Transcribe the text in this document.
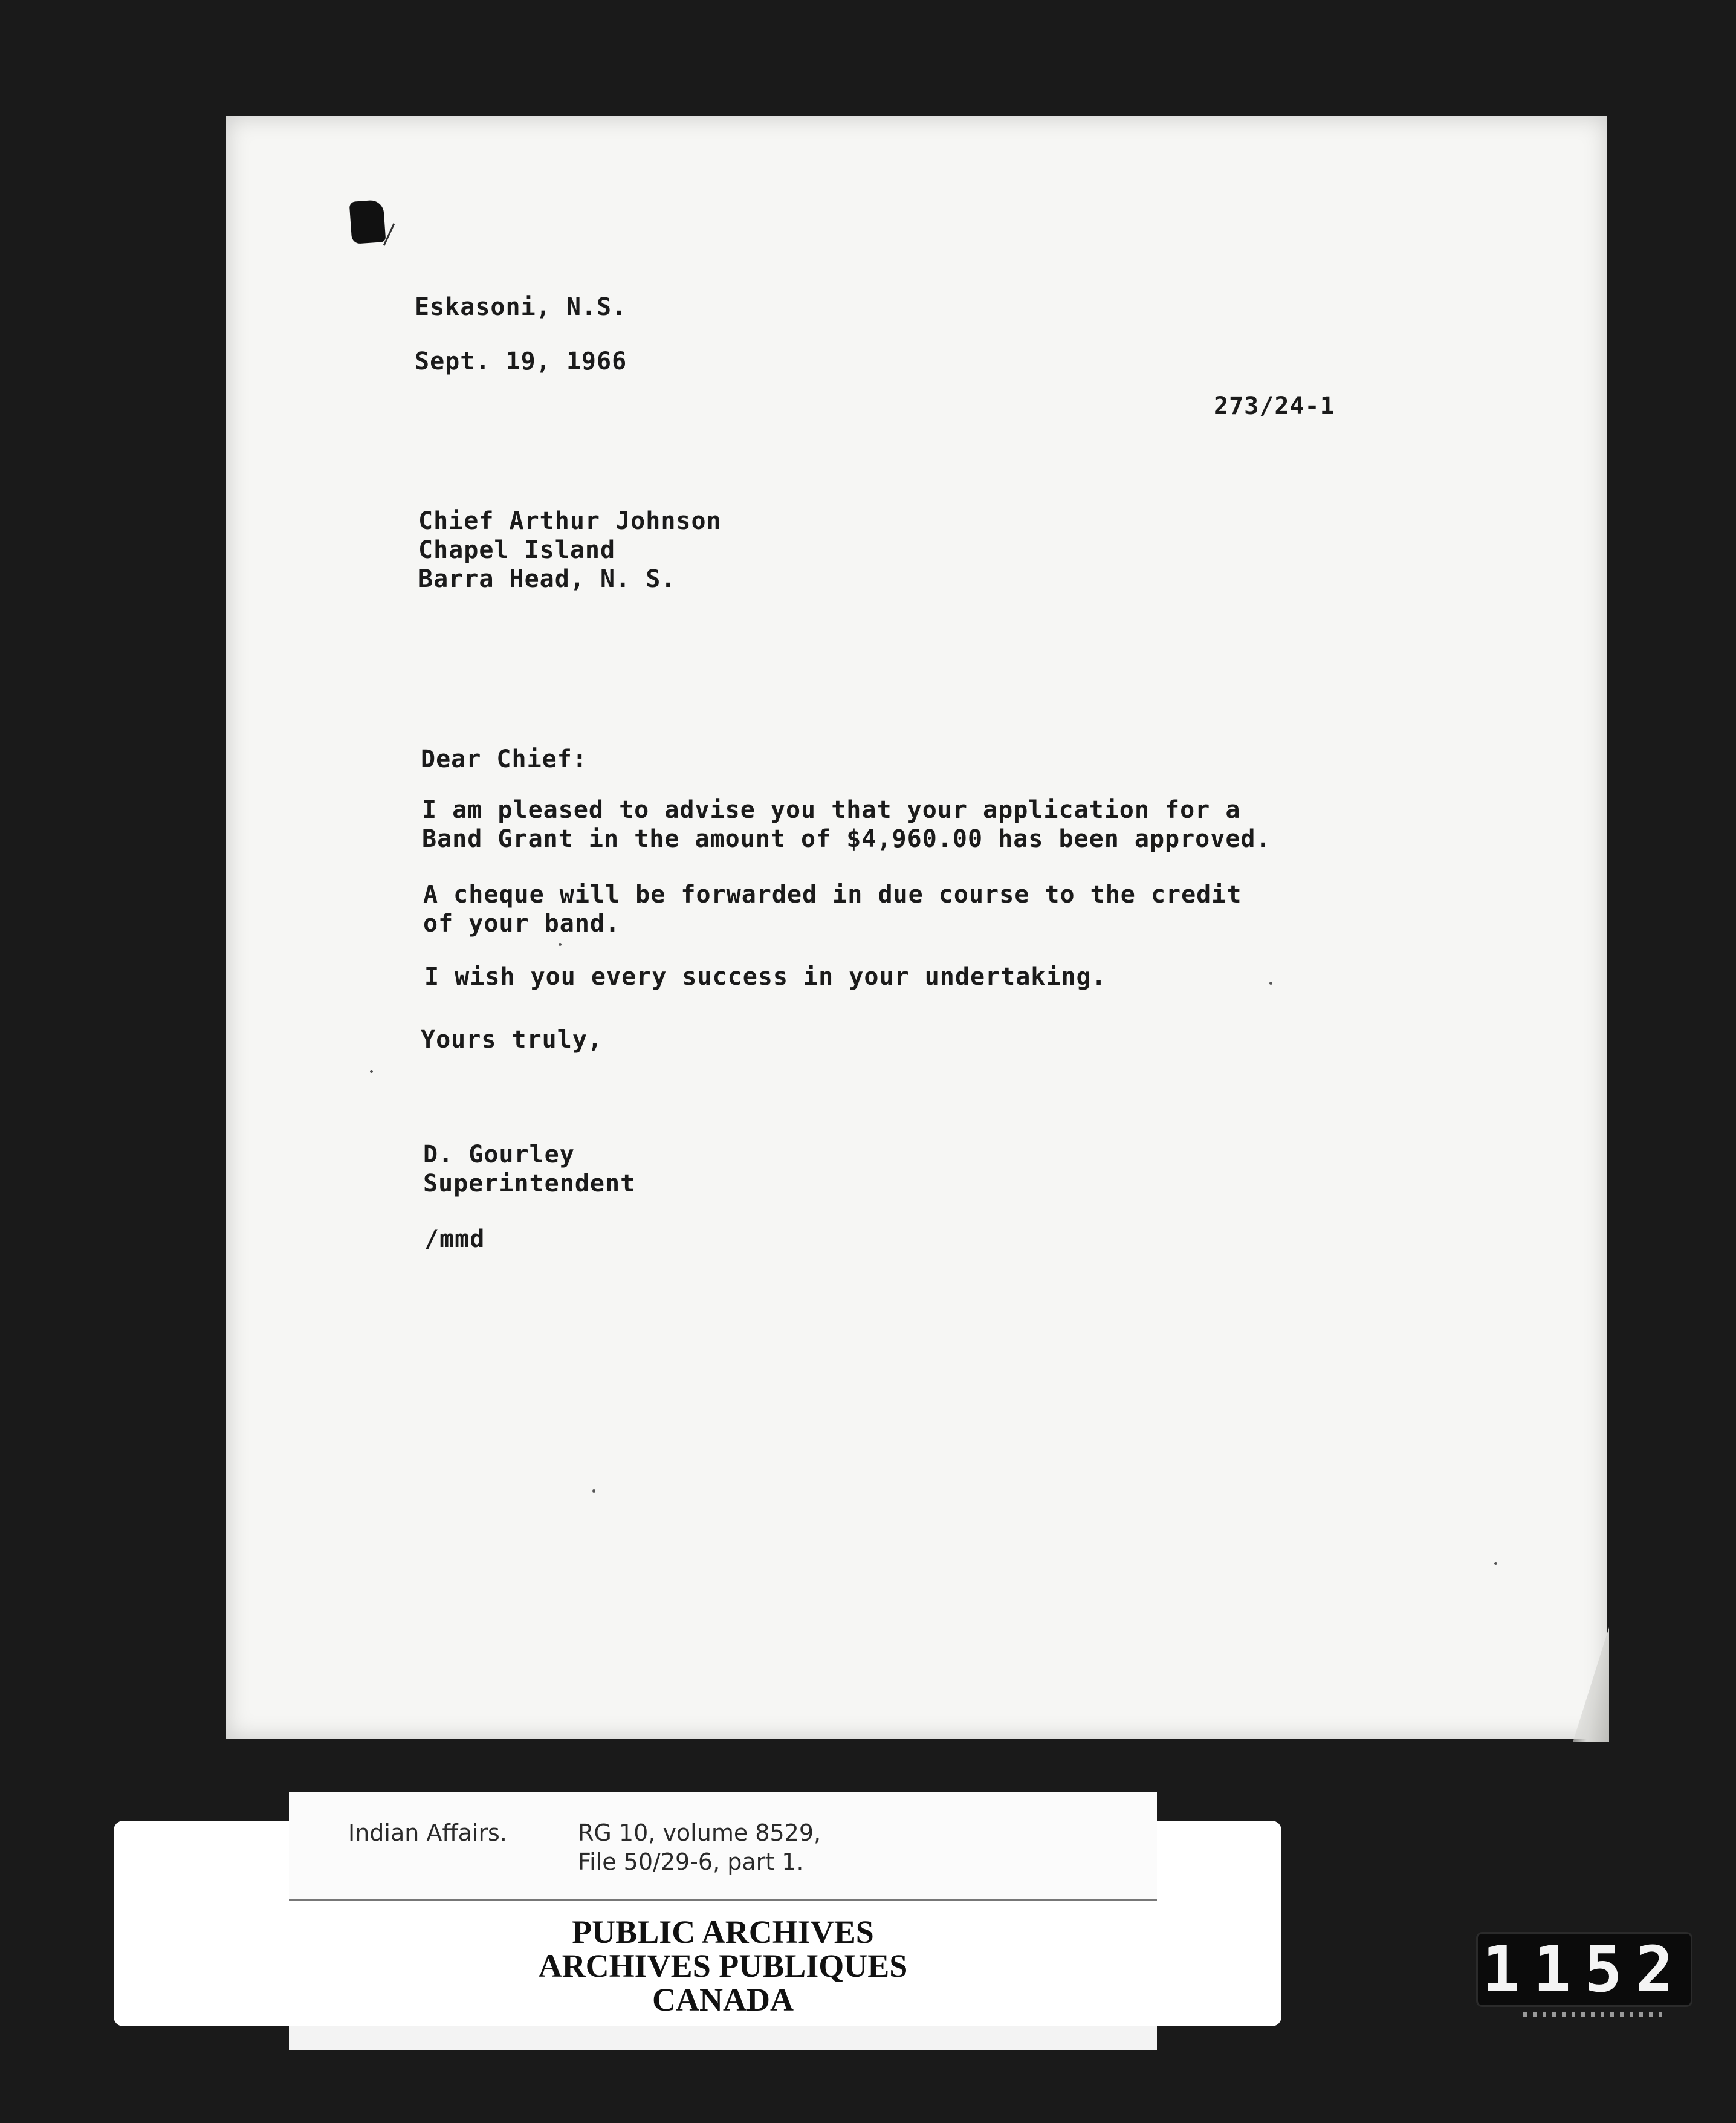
Eskasoni, N.S.

Sept. 19, 1966

273/24-1

Chief Arthur Johnson

Chapel Island

Barra Head, N. S.

Dear Chief:

I am pleased to advise you that your application for a

Band Grant in the amount of $4,960.00 has been approved.

A cheque will be forwarded in due course to the credit

of your band.

I wish you every success in your undertaking.

Yours truly,

D. Gourley

Superintendent

/mmd

Indian Affairs.	RG 10, volume 8529,
File 50/29-6, part 1.
PUBLIC ARCHIVES
ARCHIVES PUBLIQUES
CANADA	1152
